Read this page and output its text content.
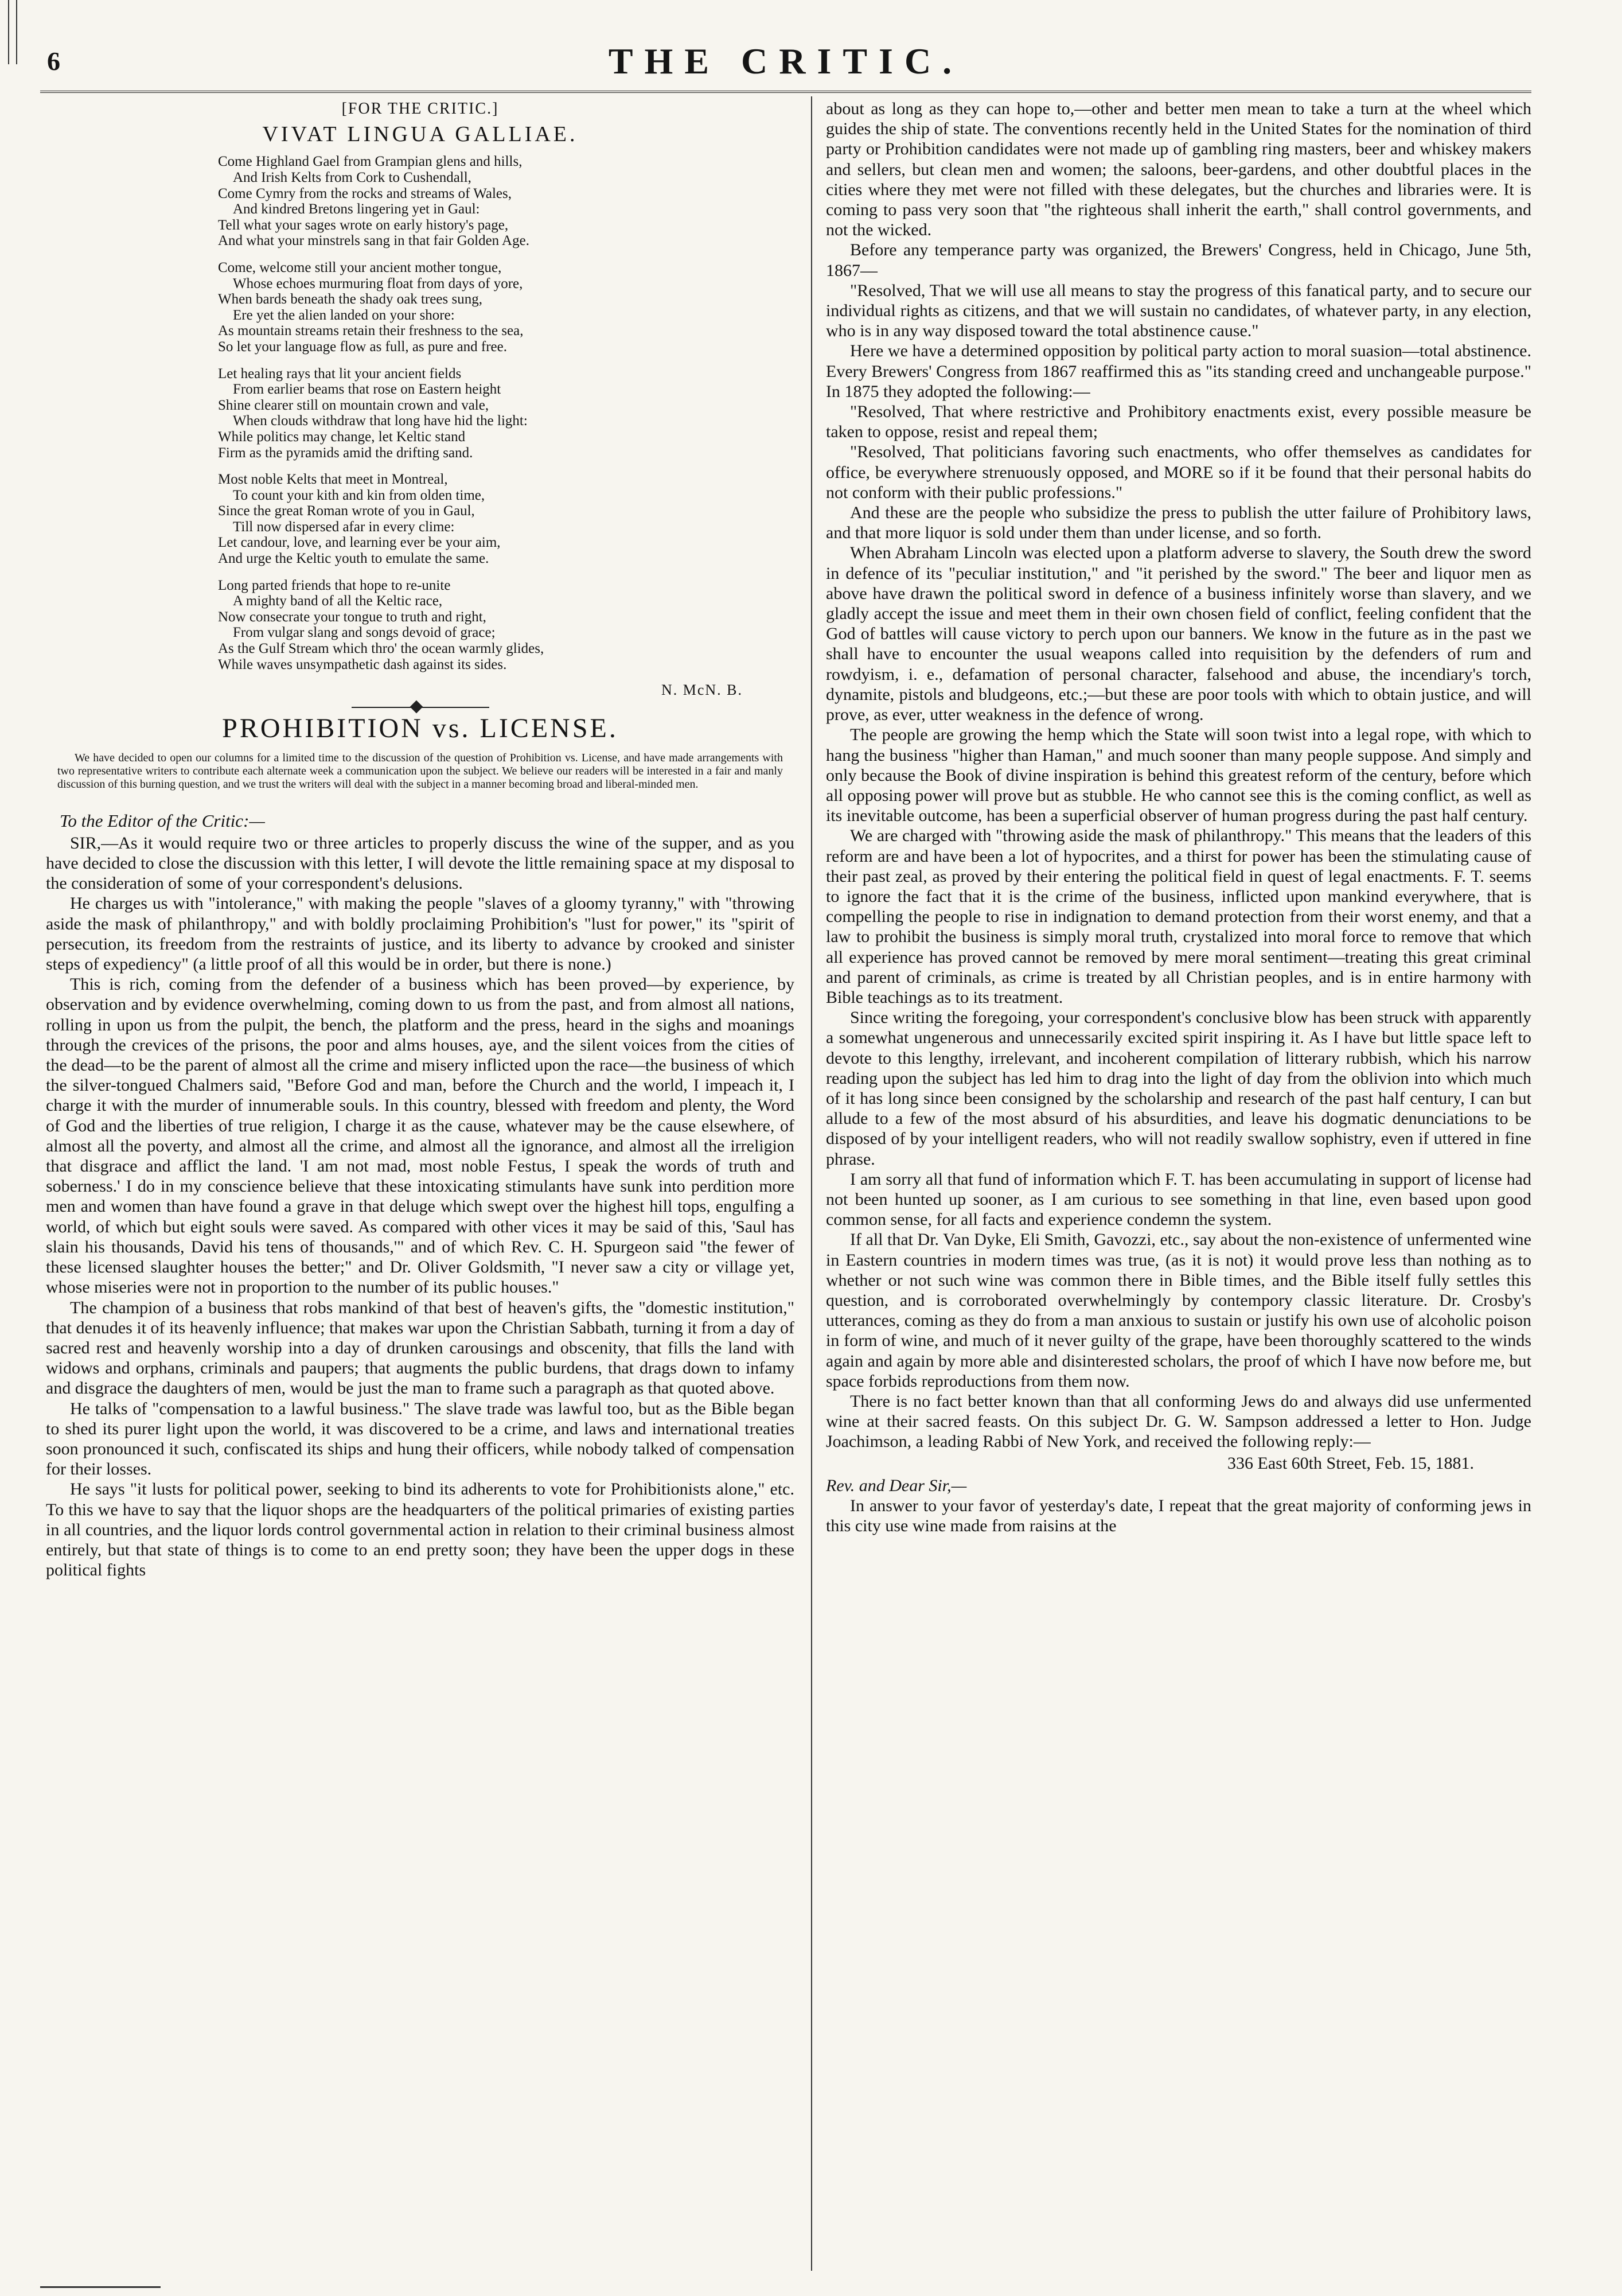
6	THE CRITIC.
[FOR THE CRITIC.]
VIVAT LINGUA GALLIAE.
Come Highland Gael from Grampian glens and hills,
And Irish Kelts from Cork to Cushendall,
Come Cymry from the rocks and streams of Wales,
And kindred Bretons lingering yet in Gaul:
Tell what your sages wrote on early history's page,
And what your minstrels sang in that fair Golden Age.
Come, welcome still your ancient mother tongue,
Whose echoes murmuring float from days of yore,
When bards beneath the shady oak trees sung,
Ere yet the alien landed on your shore:
As mountain streams retain their freshness to the sea,
So let your language flow as full, as pure and free.
Let healing rays that lit your ancient fields
From earlier beams that rose on Eastern height
Shine clearer still on mountain crown and vale,
When clouds withdraw that long have hid the light:
While politics may change, let Keltic stand
Firm as the pyramids amid the drifting sand.
Most noble Kelts that meet in Montreal,
To count your kith and kin from olden time,
Since the great Roman wrote of you in Gaul,
Till now dispersed afar in every clime:
Let candour, love, and learning ever be your aim,
And urge the Keltic youth to emulate the same.
Long parted friends that hope to re-unite
A mighty band of all the Keltic race,
Now consecrate your tongue to truth and right,
From vulgar slang and songs devoid of grace;
As the Gulf Stream which thro' the ocean warmly glides,
While waves unsympathetic dash against its sides.
N. McN. B.
PROHIBITION vs. LICENSE.

We have decided to open our columns for a limited time to the discussion of the question of Prohibition vs. License, and have made arrangements with two representative writers to contribute each alternate week a communication upon the subject. We believe our readers will be interested in a fair and manly discussion of this burning question, and we trust the writers will deal with the subject in a manner becoming broad and liberal-minded men.

To the Editor of the Critic:—

SIR,—As it would require two or three articles to properly discuss the wine of the supper, and as you have decided to close the discussion with this letter, I will devote the little remaining space at my disposal to the consideration of some of your correspondent's delusions.

He charges us with "intolerance," with making the people "slaves of a gloomy tyranny," with "throwing aside the mask of philanthropy," and with boldly proclaiming Prohibition's "lust for power," its "spirit of persecution, its freedom from the restraints of justice, and its liberty to advance by crooked and sinister steps of expediency" (a little proof of all this would be in order, but there is none.)

This is rich, coming from the defender of a business which has been proved—by experience, by observation and by evidence overwhelming, coming down to us from the past, and from almost all nations, rolling in upon us from the pulpit, the bench, the platform and the press, heard in the sighs and moanings through the crevices of the prisons, the poor and alms houses, aye, and the silent voices from the cities of the dead—to be the parent of almost all the crime and misery inflicted upon the race—the business of which the silver-tongued Chalmers said, "Before God and man, before the Church and the world, I impeach it, I charge it with the murder of innumerable souls. In this country, blessed with freedom and plenty, the Word of God and the liberties of true religion, I charge it as the cause, whatever may be the cause elsewhere, of almost all the poverty, and almost all the crime, and almost all the ignorance, and almost all the irreligion that disgrace and afflict the land. 'I am not mad, most noble Festus, I speak the words of truth and soberness.' I do in my conscience believe that these intoxicating stimulants have sunk into perdition more men and women than have found a grave in that deluge which swept over the highest hill tops, engulfing a world, of which but eight souls were saved. As compared with other vices it may be said of this, 'Saul has slain his thousands, David his tens of thousands,'" and of which Rev. C. H. Spurgeon said "the fewer of these licensed slaughter houses the better;" and Dr. Oliver Goldsmith, "I never saw a city or village yet, whose miseries were not in proportion to the number of its public houses."

The champion of a business that robs mankind of that best of heaven's gifts, the "domestic institution," that denudes it of its heavenly influence; that makes war upon the Christian Sabbath, turning it from a day of sacred rest and heavenly worship into a day of drunken carousings and obscenity, that fills the land with widows and orphans, criminals and paupers; that augments the public burdens, that drags down to infamy and disgrace the daughters of men, would be just the man to frame such a paragraph as that quoted above.

He talks of "compensation to a lawful business." The slave trade was lawful too, but as the Bible began to shed its purer light upon the world, it was discovered to be a crime, and laws and international treaties soon pronounced it such, confiscated its ships and hung their officers, while nobody talked of compensation for their losses.

He says "it lusts for political power, seeking to bind its adherents to vote for Prohibitionists alone," etc. To this we have to say that the liquor shops are the headquarters of the political primaries of existing parties in all countries, and the liquor lords control governmental action in relation to their criminal business almost entirely, but that state of things is to come to an end pretty soon; they have been the upper dogs in these political fights

about as long as they can hope to,—other and better men mean to take a turn at the wheel which guides the ship of state. The conventions recently held in the United States for the nomination of third party or Prohibition candidates were not made up of gambling ring masters, beer and whiskey makers and sellers, but clean men and women; the saloons, beer-gardens, and other doubtful places in the cities where they met were not filled with these delegates, but the churches and libraries were. It is coming to pass very soon that "the righteous shall inherit the earth," shall control governments, and not the wicked.

Before any temperance party was organized, the Brewers' Congress, held in Chicago, June 5th, 1867—

"Resolved, That we will use all means to stay the progress of this fanatical party, and to secure our individual rights as citizens, and that we will sustain no candidates, of whatever party, in any election, who is in any way disposed toward the total abstinence cause."

Here we have a determined opposition by political party action to moral suasion—total abstinence. Every Brewers' Congress from 1867 reaffirmed this as "its standing creed and unchangeable purpose." In 1875 they adopted the following:—

"Resolved, That where restrictive and Prohibitory enactments exist, every possible measure be taken to oppose, resist and repeal them;

"Resolved, That politicians favoring such enactments, who offer themselves as candidates for office, be everywhere strenuously opposed, and MORE so if it be found that their personal habits do not conform with their public professions."

And these are the people who subsidize the press to publish the utter failure of Prohibitory laws, and that more liquor is sold under them than under license, and so forth.

When Abraham Lincoln was elected upon a platform adverse to slavery, the South drew the sword in defence of its "peculiar institution," and "it perished by the sword." The beer and liquor men as above have drawn the political sword in defence of a business infinitely worse than slavery, and we gladly accept the issue and meet them in their own chosen field of conflict, feeling confident that the God of battles will cause victory to perch upon our banners. We know in the future as in the past we shall have to encounter the usual weapons called into requisition by the defenders of rum and rowdyism, i. e., defamation of personal character, falsehood and abuse, the incendiary's torch, dynamite, pistols and bludgeons, etc.;—but these are poor tools with which to obtain justice, and will prove, as ever, utter weakness in the defence of wrong.

The people are growing the hemp which the State will soon twist into a legal rope, with which to hang the business "higher than Haman," and much sooner than many people suppose. And simply and only because the Book of divine inspiration is behind this greatest reform of the century, before which all opposing power will prove but as stubble. He who cannot see this is the coming conflict, as well as its inevitable outcome, has been a superficial observer of human progress during the past half century.

We are charged with "throwing aside the mask of philanthropy." This means that the leaders of this reform are and have been a lot of hypocrites, and a thirst for power has been the stimulating cause of their past zeal, as proved by their entering the political field in quest of legal enactments. F. T. seems to ignore the fact that it is the crime of the business, inflicted upon mankind everywhere, that is compelling the people to rise in indignation to demand protection from their worst enemy, and that a law to prohibit the business is simply moral truth, crystalized into moral force to remove that which all experience has proved cannot be removed by mere moral sentiment—treating this great criminal and parent of criminals, as crime is treated by all Christian peoples, and is in entire harmony with Bible teachings as to its treatment.

Since writing the foregoing, your correspondent's conclusive blow has been struck with apparently a somewhat ungenerous and unnecessarily excited spirit inspiring it. As I have but little space left to devote to this lengthy, irrelevant, and incoherent compilation of litterary rubbish, which his narrow reading upon the subject has led him to drag into the light of day from the oblivion into which much of it has long since been consigned by the scholarship and research of the past half century, I can but allude to a few of the most absurd of his absurdities, and leave his dogmatic denunciations to be disposed of by your intelligent readers, who will not readily swallow sophistry, even if uttered in fine phrase.

I am sorry all that fund of information which F. T. has been accumulating in support of license had not been hunted up sooner, as I am curious to see something in that line, even based upon good common sense, for all facts and experience condemn the system.

If all that Dr. Van Dyke, Eli Smith, Gavozzi, etc., say about the non-existence of unfermented wine in Eastern countries in modern times was true, (as it is not) it would prove less than nothing as to whether or not such wine was common there in Bible times, and the Bible itself fully settles this question, and is corroborated overwhelmingly by contempory classic literature. Dr. Crosby's utterances, coming as they do from a man anxious to sustain or justify his own use of alcoholic poison in form of wine, and much of it never guilty of the grape, have been thoroughly scattered to the winds again and again by more able and disinterested scholars, the proof of which I have now before me, but space forbids reproductions from them now.

There is no fact better known than that all conforming Jews do and always did use unfermented wine at their sacred feasts. On this subject Dr. G. W. Sampson addressed a letter to Hon. Judge Joachimson, a leading Rabbi of New York, and received the following reply:—

336 East 60th Street, Feb. 15, 1881.

Rev. and Dear Sir,—

In answer to your favor of yesterday's date, I repeat that the great majority of conforming jews in this city use wine made from raisins at the
